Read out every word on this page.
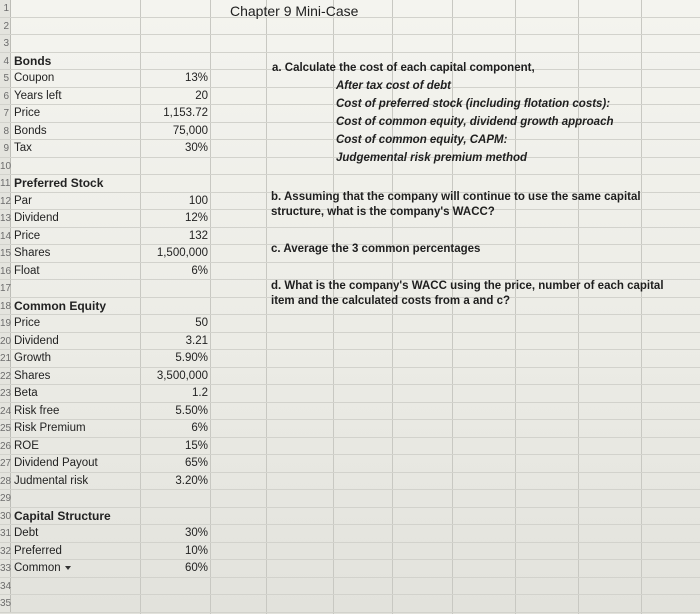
1
2
3
4 Bonds
5 Coupon	13%
6 Years left	20
7 Price	1,153.72
8 Bonds	75,000
9 Tax	30%
10
11 Preferred Stock
12 Par	100
13 Dividend	12%
14 Price	132
15 Shares	1,500,000
16 Float	6%
17
18 Common Equity
19 Price	50
20 Dividend	3.21
21 Growth	5.90%
22 Shares	3,500,000
23 Beta	1.2
24 Risk free	5.50%
25 Risk Premium	6%
26 ROE	15%
27 Dividend Payout	65%
28 Judmental risk	3.20%
29
30 Capital Structure
31 Debt	30%
32 Preferred	10%
33 Common	60%
34
35
Chapter 9 Mini-Case
a. Calculate the cost of each capital component,
After tax cost of debt
Cost of preferred stock (including flotation costs):
Cost of common equity, dividend growth approach
Cost of common equity, CAPM:
Judgemental risk premium method
b. Assuming that the company will continue to use the same capital
structure, what is the company's WACC?
c. Average the 3 common percentages
d. What is the company's WACC using the price, number of each capital
item and the calculated costs from a and c?
